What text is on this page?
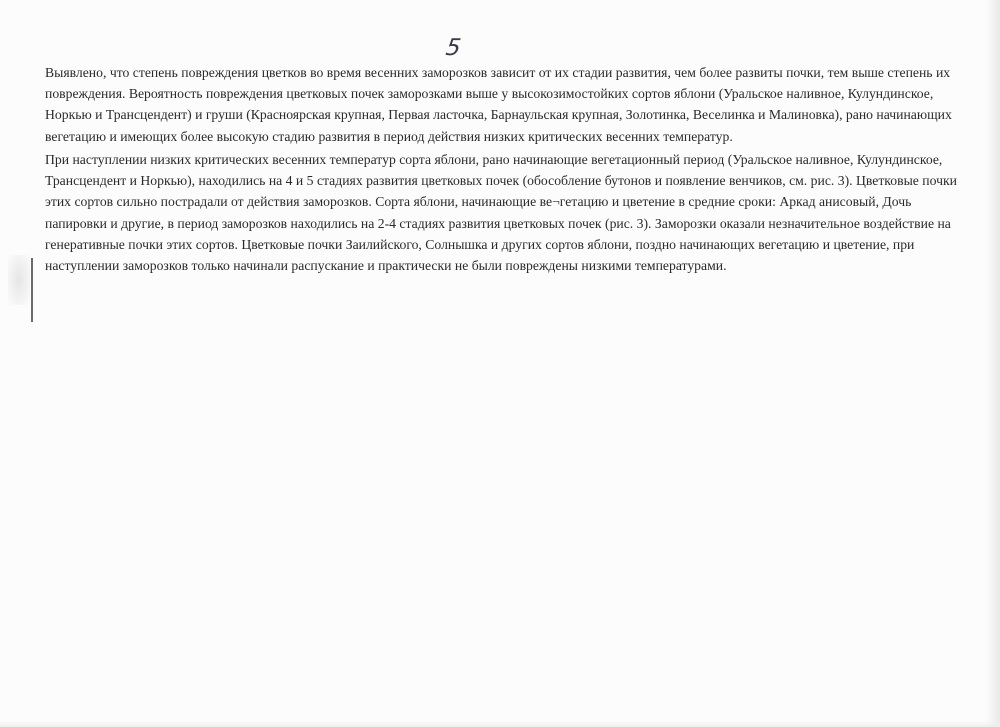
5

Выявлено, что степень повреждения цветков во время весенних заморозков зависит от их стадии развития, чем более развиты почки, тем выше степень их повреждения. Вероятность повреждения цветковых почек заморозками выше у высокозимостойких сортов яблони (Уральское наливное, Кулундинское, Норкью и Трансцендент) и груши (Красноярская крупная, Первая ласточка, Барнаульская крупная, Золотинка, Веселинка и Малиновка), рано начинающих вегетацию и имеющих более высокую стадию развития в период действия низких критических весенних температур.

При наступлении низких критических весенних температур сорта яблони, рано начинающие вегетационный период (Уральское наливное, Кулундинское, Трансцендент и Норкью), находились на 4 и 5 стадиях развития цветковых почек (обособление бутонов и появление венчиков, см. рис. 3). Цветковые почки этих сортов сильно пострадали от действия заморозков. Сорта яблони, начинающие ве¬гетацию и цветение в средние сроки: Аркад анисовый, Дочь папировки и другие, в период заморозков находились на 2-4 стадиях развития цветковых почек (рис. 3). Заморозки оказали незначительное воздействие на генеративные почки этих сортов. Цветковые почки Заилийского, Солнышка и других сортов яблони, поздно начинающих вегетацию и цветение, при наступлении заморозков только начинали распускание и практически не были повреждены низкими температурами.
